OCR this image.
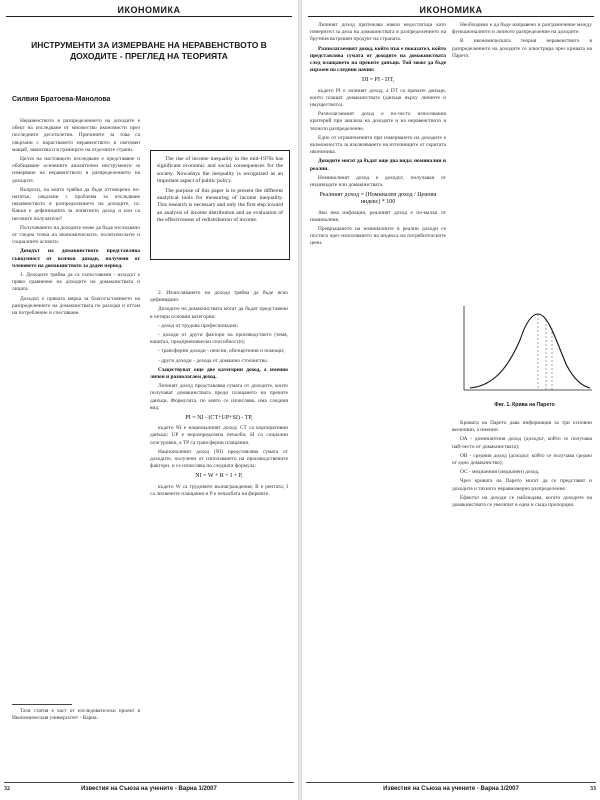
ИКОНОМИКА
ИНСТРУМЕНТИ ЗА ИЗМЕРВАНЕ НА НЕРАВЕНСТВОТО В ДОХОДИТЕ - ПРЕГЛЕД НА ТЕОРИЯТА
Силвия Братоева-Манолова

Неравенството в разпределението на доходите е обект на изследване от множество икономисти през последните десетилетия. Причините за това са свързани с нарастването неравенството в световен мащаб, зависима и в границите на отделните страни.

Целта на настоящото изследване е представяне и обобщаване основните аналитични инструменти за измерване на неравенството в разпределението на доходите.

Въпроси, на които трябва да бъде отговорено по-нататък, свързани с проблема за изследване неравенството в разпределението на доходите, са: Какъв е дефиницията за понятието доход и кои са неговите получатели?

Получаването на доходите може да бъде изследвано от гледна точка на икономическите, политическите и социалните аспекти.

Доходът на домакинството представлява съвкупност от всички доходи, получени от членовете на домакинството за даден период.

1. Доходите трябва да са съпоставими - изходът е пряко сравнение на доходите на домакинствата и лицата.

Доходът е пряката мярка за благосъстоянието на разпределението на домакинствата по разходи и оттам на потребление и спестяване.

The rise of income inequality in the mid-1970s has significant economic and social consequences for the society. Nowadays the inequality is recognized as an important aspect of public policy.

The purpose of this paper is to present the different analytical tools for measuring of income inequality. This research is necessary and only the first step toward an analysis of income distribution and an evaluation of the effectiveness of redistribution of income.

2. Изчисляването на дохода трябва да бъде ясно дефинирано.

Доходите на домакинствата могат да бъдат представени в четири основни категории:

- доход от трудова професионална;

- доходи от други фактори на производството (земя, капитал, предприемачески способности);

- трансферни доходи - пенсии, обезщетения и помощи;

- други доходи - дохода от домашно стопанство.

Съществуват още две категории доход, а именно личен и разполагаем доход.

Личният доход представлява сумата от доходите, които получават домакинствата преди плащането на преките данъци. Формулата, по която се изчислява, има следния вид:

PI = NI - (CT+UP+SI) - TP,

където NI е националният доход; CT са корпоративни данъци; UP е неразпределена печалба; SI са социални осигуровки, а TP са трансферни плащания.

Националният доход (NI) представлява сумата от доходите, получени от използването на производствените фактори, и се изчислява по следната формула:

NI = W + R + I + P,

където W са трудовите възнаграждения; R е рентата; I са лихвените плащания и P е печалбата на фирмите.

Тази статия е част от изследователски проект в Икономическия университет - Варна.

32	Известия на Съюза на учените - Варна 1/2007
ИКОНОМИКА

Личният доход притежава някои недостатъци като измерител за дела на домакинствата в разпределението на брутния вътрешен продукт на страната.

Разполагаемият доход, който пък е показател, който представлява сумата от доходите на домакинствата след плащането на преките данъци. Той може да бъде изразен по следния начин:

DI = PI - DT,

където PI е личният доход, а DT са преките данъци, които плащат домакинствата (данъци върху личните и имуществото).

Разполагаемият доход е по-често използвания критерий при анализа на доходите и на неравенството в тяхното разпределение.

Едно от ограниченията при измерването на доходите е възможността за изключването на източниците от скритата икономика.

Доходите могат да бъдат още два вида: номинални и реални.

Номиналният доход е доходът, получаван от индивидите или домакинствата.

Реалният доход = (Номинален доход / Ценови индекс) * 100

Ако има инфлация, реалният доход е по-малък от номиналния.

Превръщането на номиналните в реални доходи се постига чрез използването на индекса на потребителските цени.

Необходимо е да бъде направено и разграничение между функционалното и личното разпределение на доходите.

В икономическата теория неравенството в разпределението на доходите се илюстрира чрез кривата на Парето.

Фиг. 1. Крива на Парето

Кривата на Парето дава информация за три основни величини, а именно:

ОА - доминантния доход (доходът, който се получава най-често от домакинствата);

ОВ - средния доход (доходът, който се получава средно от едно домакинство);

ОС - медианния (медианен) доход.

Чрез кривата на Парето могат да се представят и доходите и тяхното неравномерно разпределение.

Ефектът на доходи се наблюдава, когато доходите на домакинствата се увеличат в една и съща пропорция.

Известия на Съюза на учените - Варна 1/2007	33
